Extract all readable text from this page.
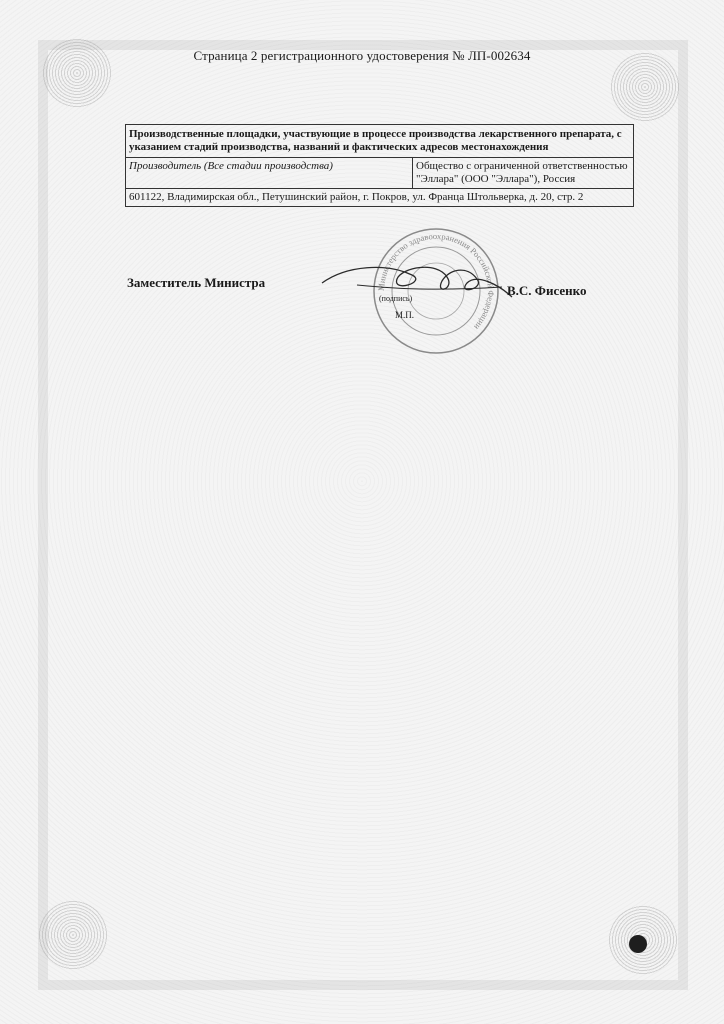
Страница 2 регистрационного удостоверения № ЛП-002634
Производственные площадки, участвующие в процессе производства лекарственного препарата, с указанием стадий производства, названий и фактических адресов местонахождения
Производитель (Все стадии производства)	Общество с ограниченной ответственностью "Эллара" (ООО "Эллара"), Россия
601122, Владимирская обл., Петушинский район, г. Покров, ул. Франца Штольверка, д. 20, стр. 2
Министерство здравоохранения Российской Федерации
Заместитель Министра
(подпись)
М.П.
В.С. Фисенко
